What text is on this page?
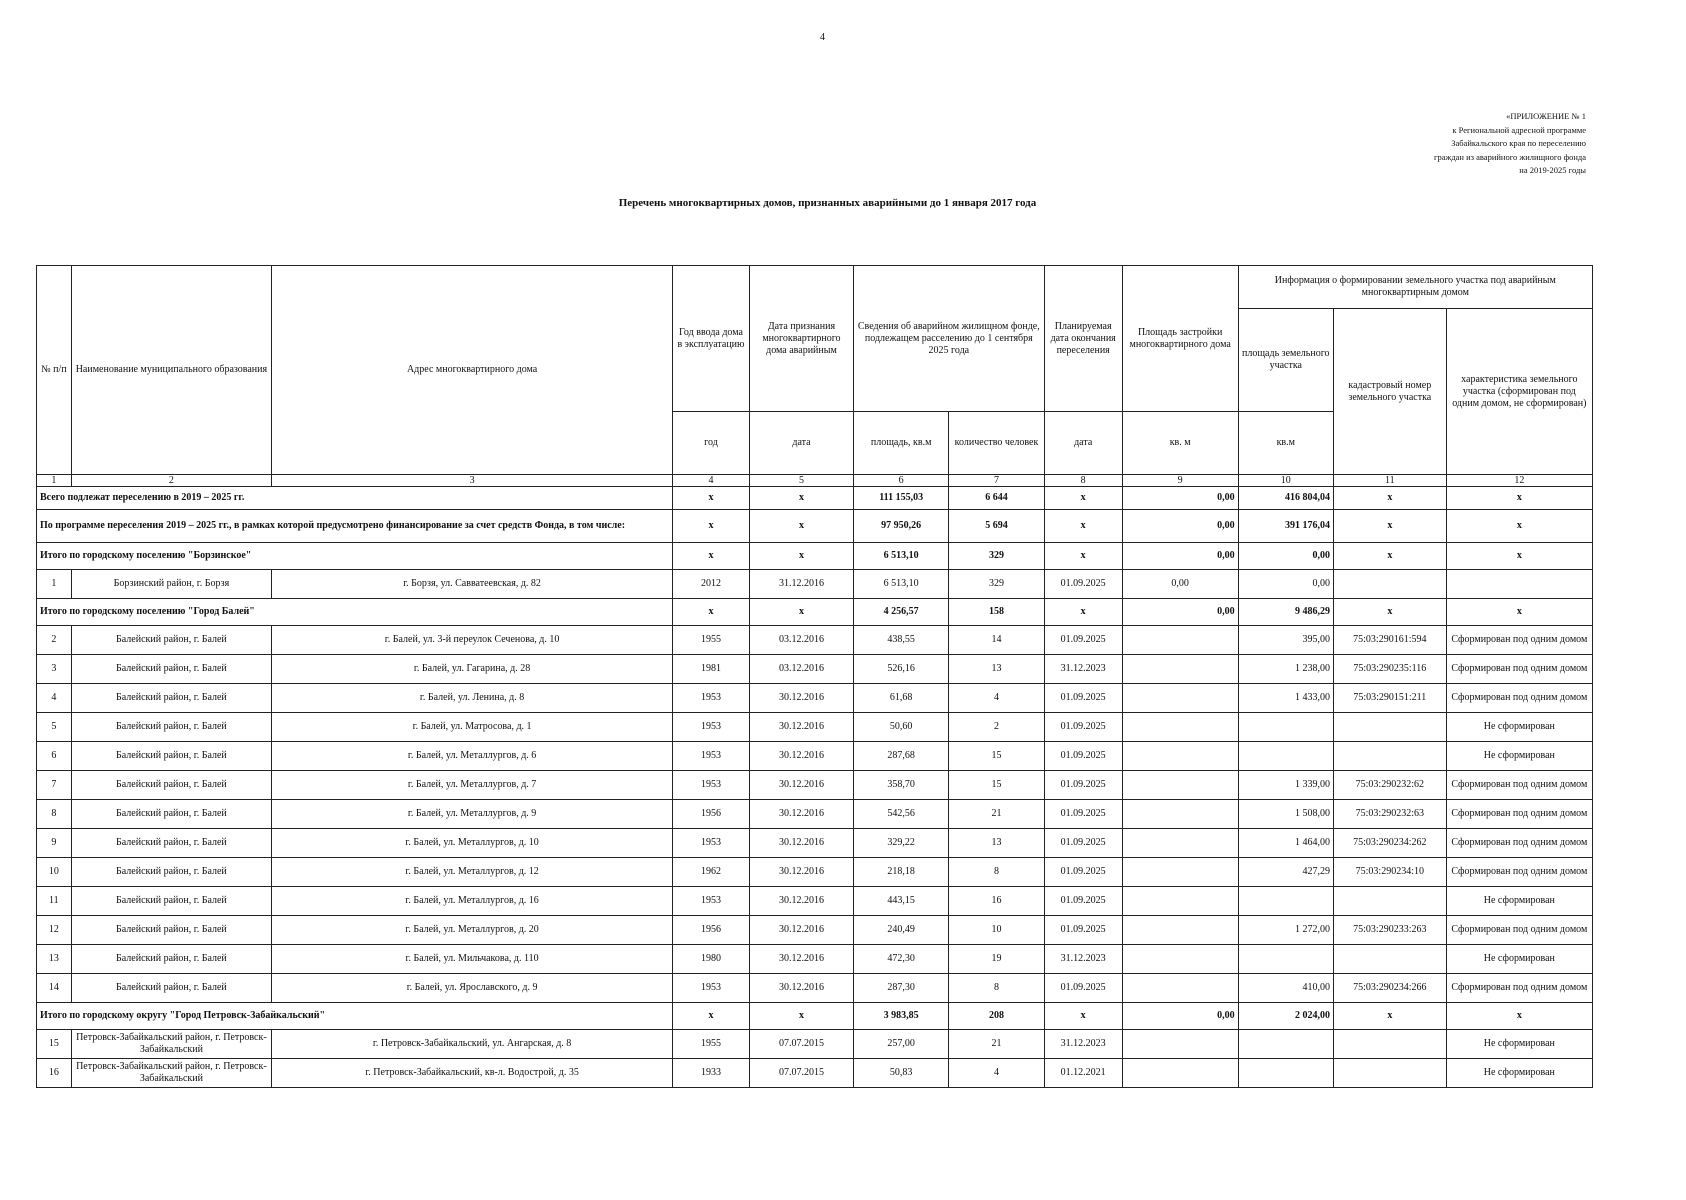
4
«ПРИЛОЖЕНИЕ № 1
к Региональной адресной программе
Забайкальского края по переселению
граждан из аварийного жилищного фонда
на 2019-2025 годы
Перечень многоквартирных домов, признанных аварийными до 1 января 2017 года
№ п/п	Наименование муниципального образования	Адрес многоквартирного дома	Год ввода дома в эксплуатацию	Дата признания многоквартирного дома аварийным	Сведения об аварийном жилищном фонде, подлежащем расселению до 1 сентября 2025 года		Планируемая дата окончания переселения	Площадь застройки многоквартирного дома	Информация о формировании земельного участка под аварийным многоквартирным домом		
									площадь земельного участка	кадастровый номер земельного участка	характеристика земельного участка (сформирован под одним домом, не сформирован)
			год	дата	площадь, кв.м	количество человек	дата	кв. м	кв.м		
1	2	3	4	5	6	7	8	9	10	11	12
Всего подлежат переселению в 2019 – 2025 гг.			x	x	111 155,03	6 644	x	0,00	416 804,04	x	x
По программе переселения 2019 – 2025 гг., в рамках которой предусмотрено финансирование за счет средств Фонда, в том числе:			x	x	97 950,26	5 694	x	0,00	391 176,04	x	x
Итого по городскому поселению "Борзинское"			x	x	6 513,10	329	x	0,00	0,00	x	x
1	Борзинский район, г. Борзя	г. Борзя, ул. Савватеевская, д. 82	2012	31.12.2016	6 513,10	329	01.09.2025	0,00	0,00		
Итого по городскому поселению "Город Балей"			x	x	4 256,57	158	x	0,00	9 486,29	x	x
2	Балейский район, г. Балей	г. Балей, ул. 3-й переулок Сеченова, д. 10	1955	03.12.2016	438,55	14	01.09.2025		395,00	75:03:290161:594	Сформирован под одним домом
3	Балейский район, г. Балей	г. Балей, ул. Гагарина, д. 28	1981	03.12.2016	526,16	13	31.12.2023		1 238,00	75:03:290235:116	Сформирован под одним домом
4	Балейский район, г. Балей	г. Балей, ул. Ленина, д. 8	1953	30.12.2016	61,68	4	01.09.2025		1 433,00	75:03:290151:211	Сформирован под одним домом
5	Балейский район, г. Балей	г. Балей, ул. Матросова, д. 1	1953	30.12.2016	50,60	2	01.09.2025				Не сформирован
6	Балейский район, г. Балей	г. Балей, ул. Металлургов, д. 6	1953	30.12.2016	287,68	15	01.09.2025				Не сформирован
7	Балейский район, г. Балей	г. Балей, ул. Металлургов, д. 7	1953	30.12.2016	358,70	15	01.09.2025		1 339,00	75:03:290232:62	Сформирован под одним домом
8	Балейский район, г. Балей	г. Балей, ул. Металлургов, д. 9	1956	30.12.2016	542,56	21	01.09.2025		1 508,00	75:03:290232:63	Сформирован под одним домом
9	Балейский район, г. Балей	г. Балей, ул. Металлургов, д. 10	1953	30.12.2016	329,22	13	01.09.2025		1 464,00	75:03:290234:262	Сформирован под одним домом
10	Балейский район, г. Балей	г. Балей, ул. Металлургов, д. 12	1962	30.12.2016	218,18	8	01.09.2025		427,29	75:03:290234:10	Сформирован под одним домом
11	Балейский район, г. Балей	г. Балей, ул. Металлургов, д. 16	1953	30.12.2016	443,15	16	01.09.2025				Не сформирован
12	Балейский район, г. Балей	г. Балей, ул. Металлургов, д. 20	1956	30.12.2016	240,49	10	01.09.2025		1 272,00	75:03:290233:263	Сформирован под одним домом
13	Балейский район, г. Балей	г. Балей, ул. Мильчакова, д. 110	1980	30.12.2016	472,30	19	31.12.2023				Не сформирован
14	Балейский район, г. Балей	г. Балей, ул. Ярославского, д. 9	1953	30.12.2016	287,30	8	01.09.2025		410,00	75:03:290234:266	Сформирован под одним домом
Итого по городскому округу "Город Петровск-Забайкальский"			x	x	3 983,85	208	x	0,00	2 024,00	x	x
15	Петровск-Забайкальский район, г. Петровск-Забайкальский	г. Петровск-Забайкальский, ул. Ангарская, д. 8	1955	07.07.2015	257,00	21	31.12.2023				Не сформирован
16	Петровск-Забайкальский район, г. Петровск-Забайкальский	г. Петровск-Забайкальский, кв-л. Водострой, д. 35	1933	07.07.2015	50,83	4	01.12.2021				Не сформирован
